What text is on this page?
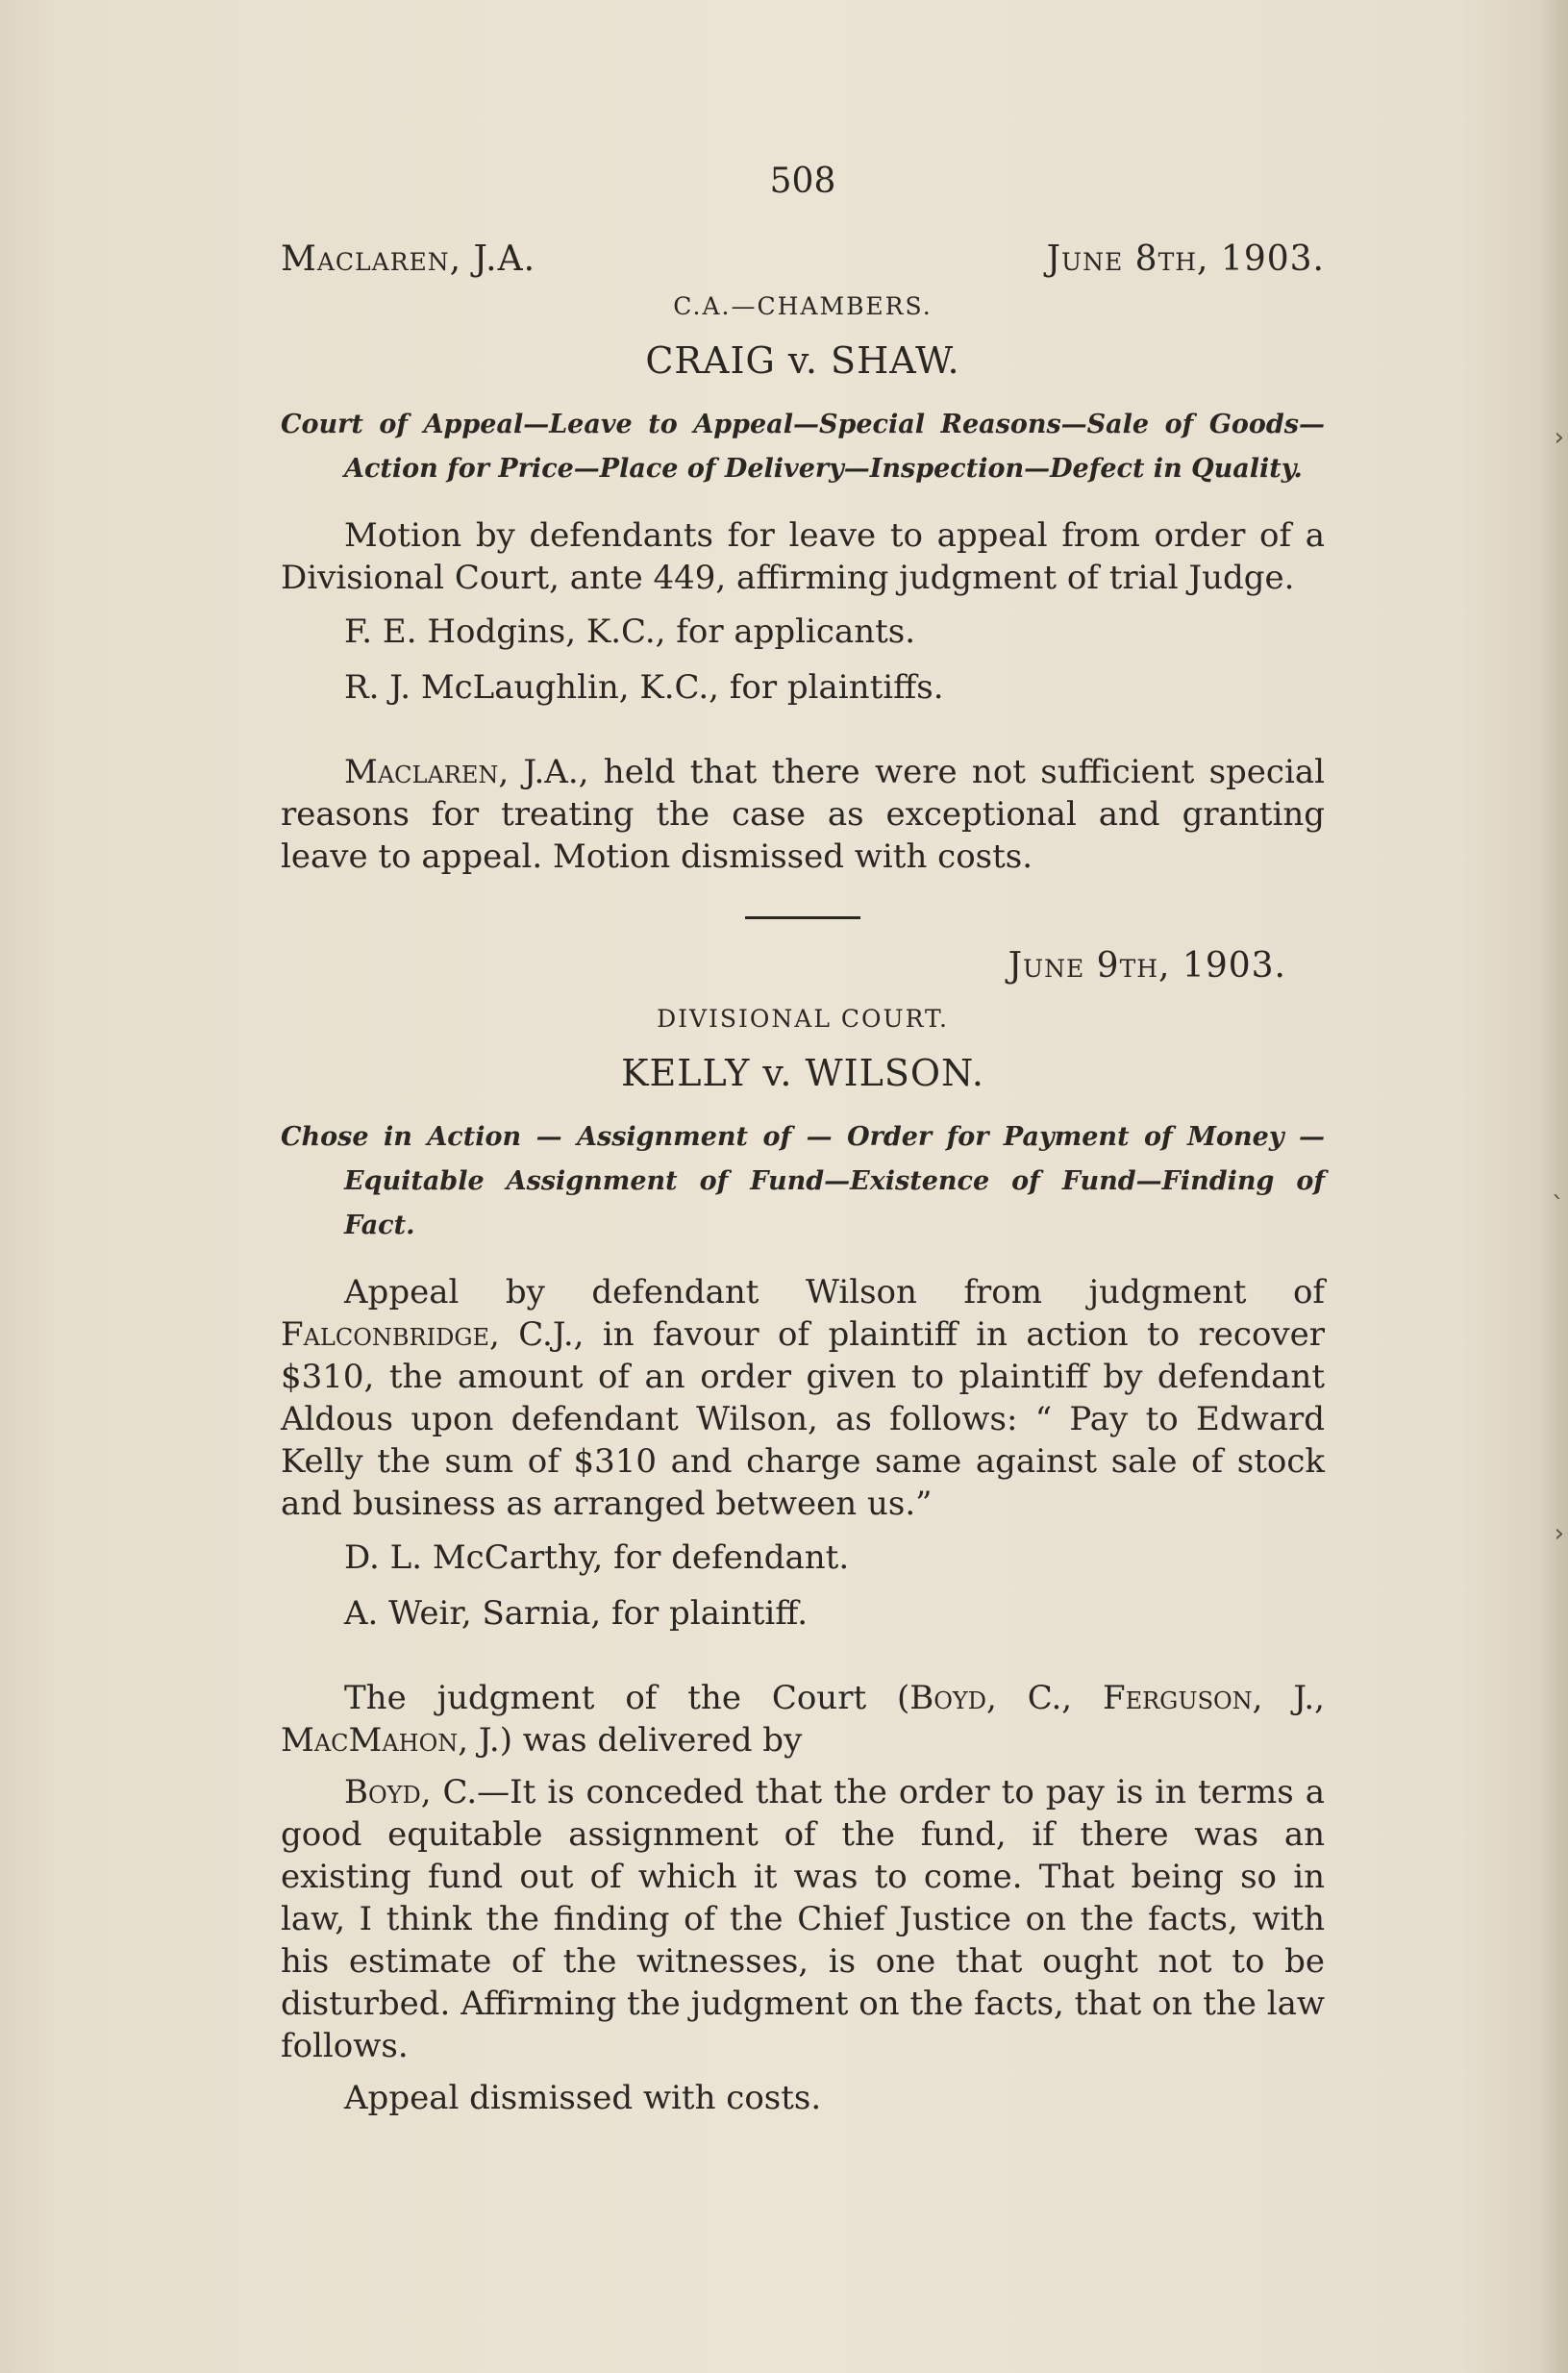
›
`
›
508
Maclaren, J.A.	June 8th, 1903.
C.A.—CHAMBERS.
CRAIG v. SHAW.
Court of Appeal—Leave to Appeal—Special Reasons—Sale of Goods—Action for Price—Place of Delivery—Inspection—Defect in Quality.

Motion by defendants for leave to appeal from order of a Divisional Court, ante 449, affirming judgment of trial Judge.

F. E. Hodgins, K.C., for applicants.
R. J. McLaughlin, K.C., for plaintiffs.

Maclaren, J.A., held that there were not sufficient special reasons for treating the case as exceptional and granting leave to appeal. Motion dismissed with costs.

June 9th, 1903.
DIVISIONAL COURT.
KELLY v. WILSON.
Chose in Action — Assignment of — Order for Payment of Money — Equitable Assignment of Fund—Existence of Fund—Finding of Fact.

Appeal by defendant Wilson from judgment of Falconbridge, C.J., in favour of plaintiff in action to recover $310, the amount of an order given to plaintiff by defendant Aldous upon defendant Wilson, as follows: “ Pay to Edward Kelly the sum of $310 and charge same against sale of stock and business as arranged between us.”

D. L. McCarthy, for defendant.
A. Weir, Sarnia, for plaintiff.

The judgment of the Court (Boyd, C., Ferguson, J., MacMahon, J.) was delivered by

Boyd, C.—It is conceded that the order to pay is in terms a good equitable assignment of the fund, if there was an existing fund out of which it was to come. That being so in law, I think the finding of the Chief Justice on the facts, with his estimate of the witnesses, is one that ought not to be disturbed. Affirming the judgment on the facts, that on the law follows.

Appeal dismissed with costs.
